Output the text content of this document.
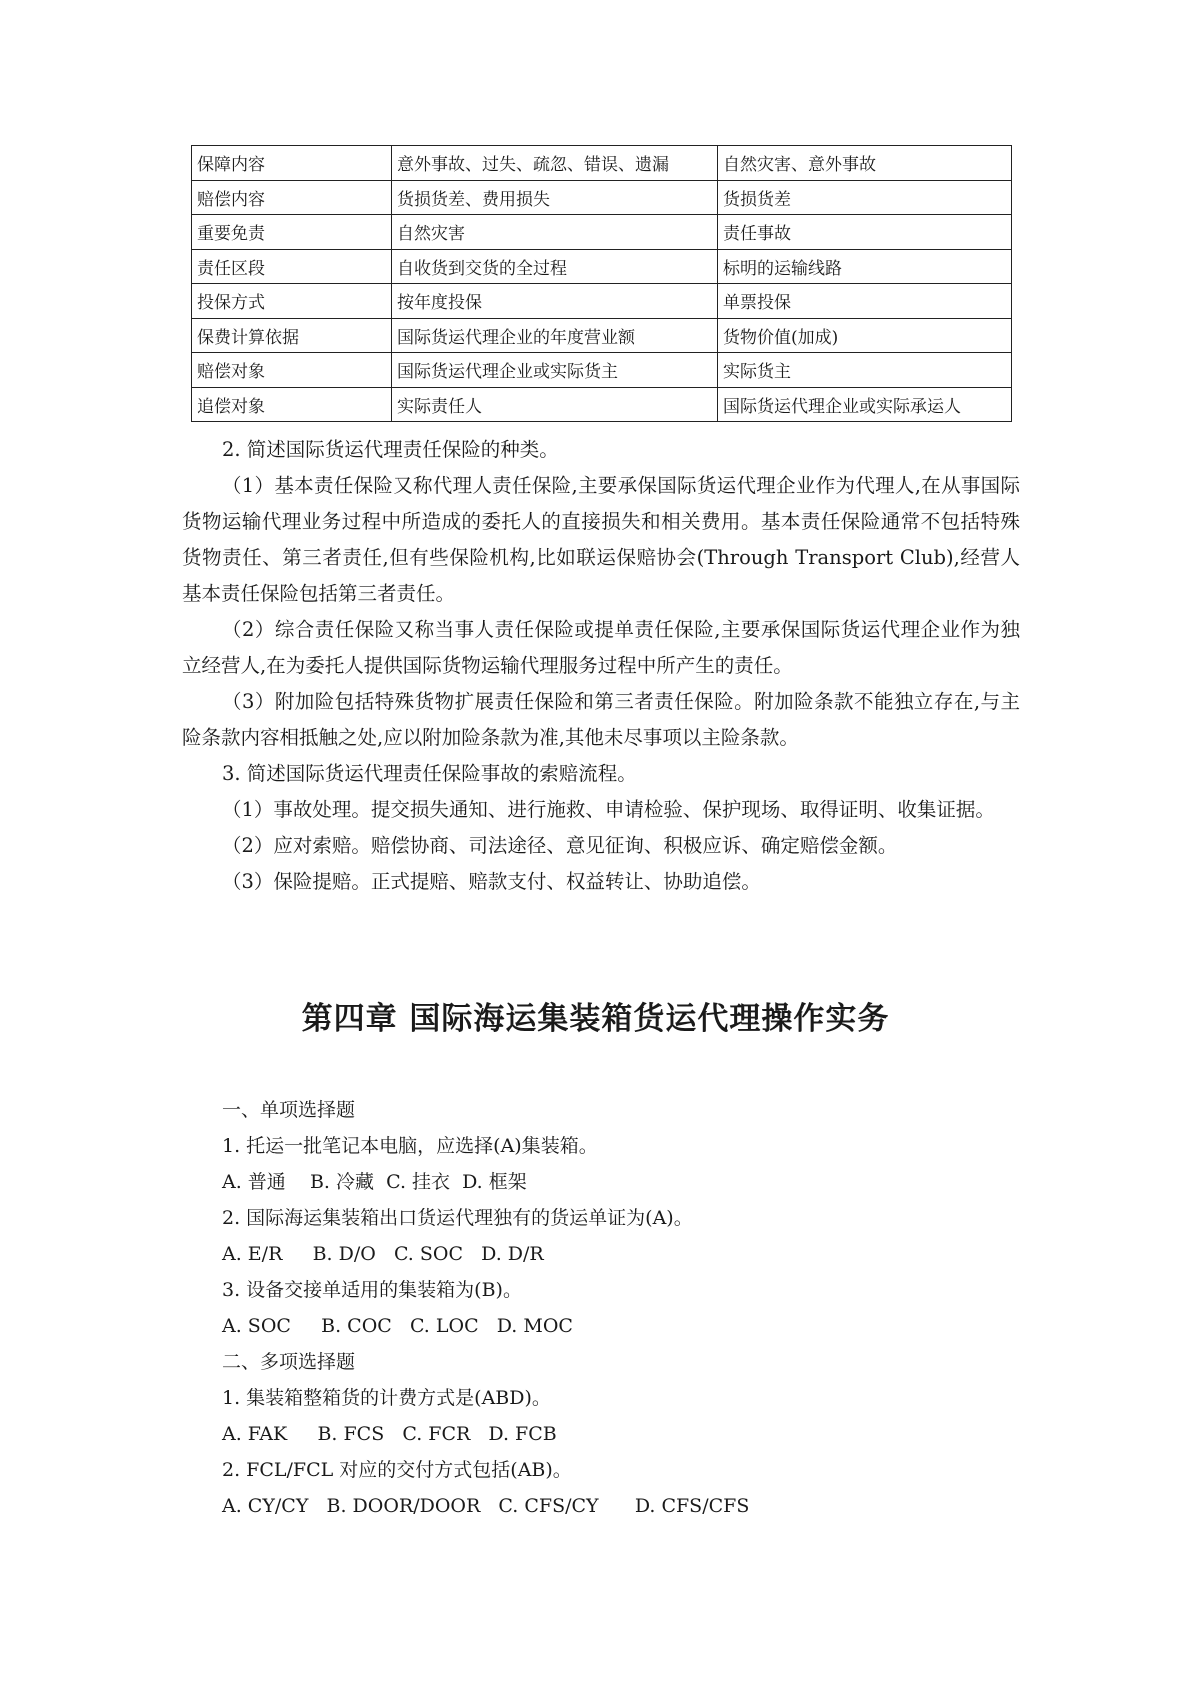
保障内容	意外事故、过失、疏忽、错误、遗漏	自然灾害、意外事故
赔偿内容	货损货差、费用损失	货损货差
重要免责	自然灾害	责任事故
责任区段	自收货到交货的全过程	标明的运输线路
投保方式	按年度投保	单票投保
保费计算依据	国际货运代理企业的年度营业额	货物价值(加成)
赔偿对象	国际货运代理企业或实际货主	实际货主
追偿对象	实际责任人	国际货运代理企业或实际承运人

2. 简述国际货运代理责任保险的种类。

（1）基本责任保险又称代理人责任保险,主要承保国际货运代理企业作为代理人,在从事国际货物运输代理业务过程中所造成的委托人的直接损失和相关费用。基本责任保险通常不包括特殊货物责任、第三者责任,但有些保险机构,比如联运保赔协会(Through Transport Club),经营人基本责任保险包括第三者责任。

（2）综合责任保险又称当事人责任保险或提单责任保险,主要承保国际货运代理企业作为独立经营人,在为委托人提供国际货物运输代理服务过程中所产生的责任。

（3）附加险包括特殊货物扩展责任保险和第三者责任保险。附加险条款不能独立存在,与主险条款内容相抵触之处,应以附加险条款为准,其他未尽事项以主险条款。

3. 简述国际货运代理责任保险事故的索赔流程。

（1）事故处理。提交损失通知、进行施救、申请检验、保护现场、取得证明、收集证据。

（2）应对索赔。赔偿协商、司法途径、意见征询、积极应诉、确定赔偿金额。

（3）保险提赔。正式提赔、赔款支付、权益转让、协助追偿。

第四章 国际海运集装箱货运代理操作实务

一、单项选择题

1. 托运一批笔记本电脑，应选择(A)集装箱。

A. 普通    B. 冷藏  C. 挂衣  D. 框架

2. 国际海运集装箱出口货运代理独有的货运单证为(A)。

A. E/R     B. D/O   C. SOC   D. D/R

3. 设备交接单适用的集装箱为(B)。

A. SOC     B. COC   C. LOC   D. MOC

二、多项选择题

1. 集装箱整箱货的计费方式是(ABD)。

A. FAK     B. FCS   C. FCR   D. FCB

2. FCL/FCL 对应的交付方式包括(AB)。

A. CY/CY   B. DOOR/DOOR   C. CFS/CY      D. CFS/CFS
